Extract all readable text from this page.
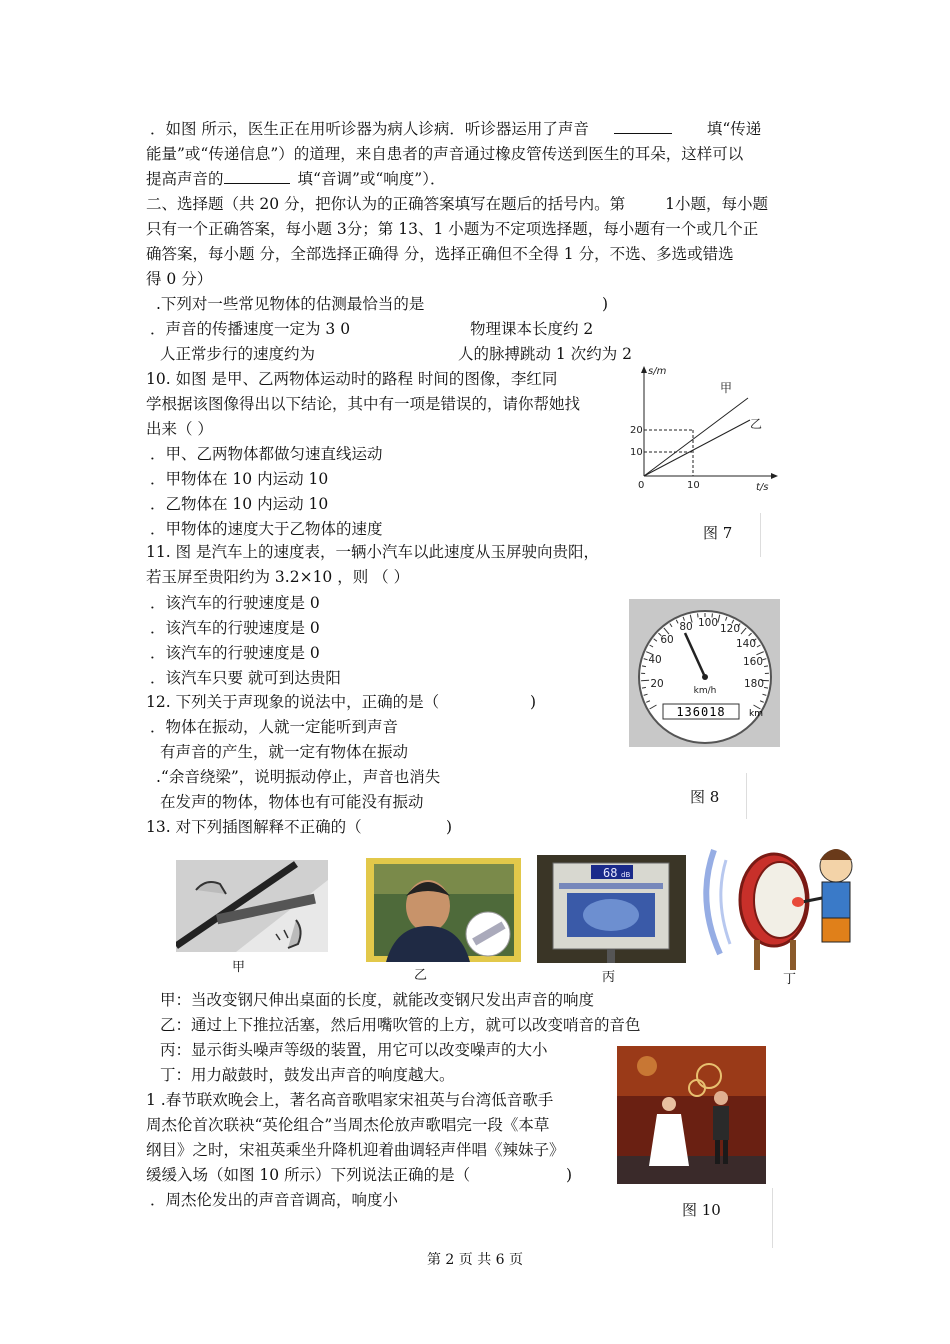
．如图 所示，医生正在用听诊器为病人诊病．听诊器运用了声音	填“传递
能量”或“传递信息”）的道理，来自患者的声音通过橡皮管传送到医生的耳朵，这样可以
提高声音的	填“音调”或“响度”）．
二、选择题（共 20 分，把你认为的正确答案填写在题后的括号内。第	1小题，每小题
只有一个正确答案，每小题 3分；第 13、1 小题为不定项选择题，每小题有一个或几个正
确答案，每小题 分，全部选择正确得 分，选择正确但不全得 1 分，不选、多选或错选
得 0 分）
.下列对一些常见物体的估测最恰当的是	)
．声音的传播速度一定为 3 0	物理课本长度约 2
人正常步行的速度约为	人的脉搏跳动 1 次约为 2
10. 如图 是甲、乙两物体运动时的路程 时间的图像，李红同
学根据该图像得出以下结论，其中有一项是错误的，请你帮她找
出来（ ）
．甲、乙两物体都做匀速直线运动
．甲物体在 10 内运动 10
．乙物体在 10 内运动 10
．甲物体的速度大于乙物体的速度
s/m
t/s
甲
乙
20
10
0	10
图 7
11. 图 是汽车上的速度表，一辆小汽车以此速度从玉屏驶向贵阳，
若玉屏至贵阳约为 3.2×10 ，则 （ ）
．该汽车的行驶速度是 0
．该汽车的行驶速度是 0
．该汽车的行驶速度是 0
．该汽车只要 就可到达贵阳	20
40
60
80 100 120
140
160
180
km/h
136018	km
图 8
12. 下列关于声现象的说法中，正确的是（	)
．物体在振动，人就一定能听到声音
有声音的产生，就一定有物体在振动
.“余音绕梁”，说明振动停止，声音也消失
在发声的物体，物体也有可能没有振动
13. 对下列插图解释不正确的（	)
甲
乙
68 dB
丙	丁
甲：当改变钢尺伸出桌面的长度，就能改变钢尺发出声音的响度
乙：通过上下推拉活塞，然后用嘴吹管的上方，就可以改变哨音的音色
丙：显示街头噪声等级的装置，用它可以改变噪声的大小
丁：用力敲鼓时，鼓发出声音的响度越大。
1 .春节联欢晚会上，著名高音歌唱家宋祖英与台湾低音歌手
周杰伦首次联袂“英伦组合”当周杰伦放声歌唱完一段《本草
纲目》之时，宋祖英乘坐升降机迎着曲调轻声伴唱《辣妹子》
缓缓入场（如图 10 所示）下列说法正确的是（	)
．周杰伦发出的声音音调高，响度小
图 10
第 2 页 共 6 页
